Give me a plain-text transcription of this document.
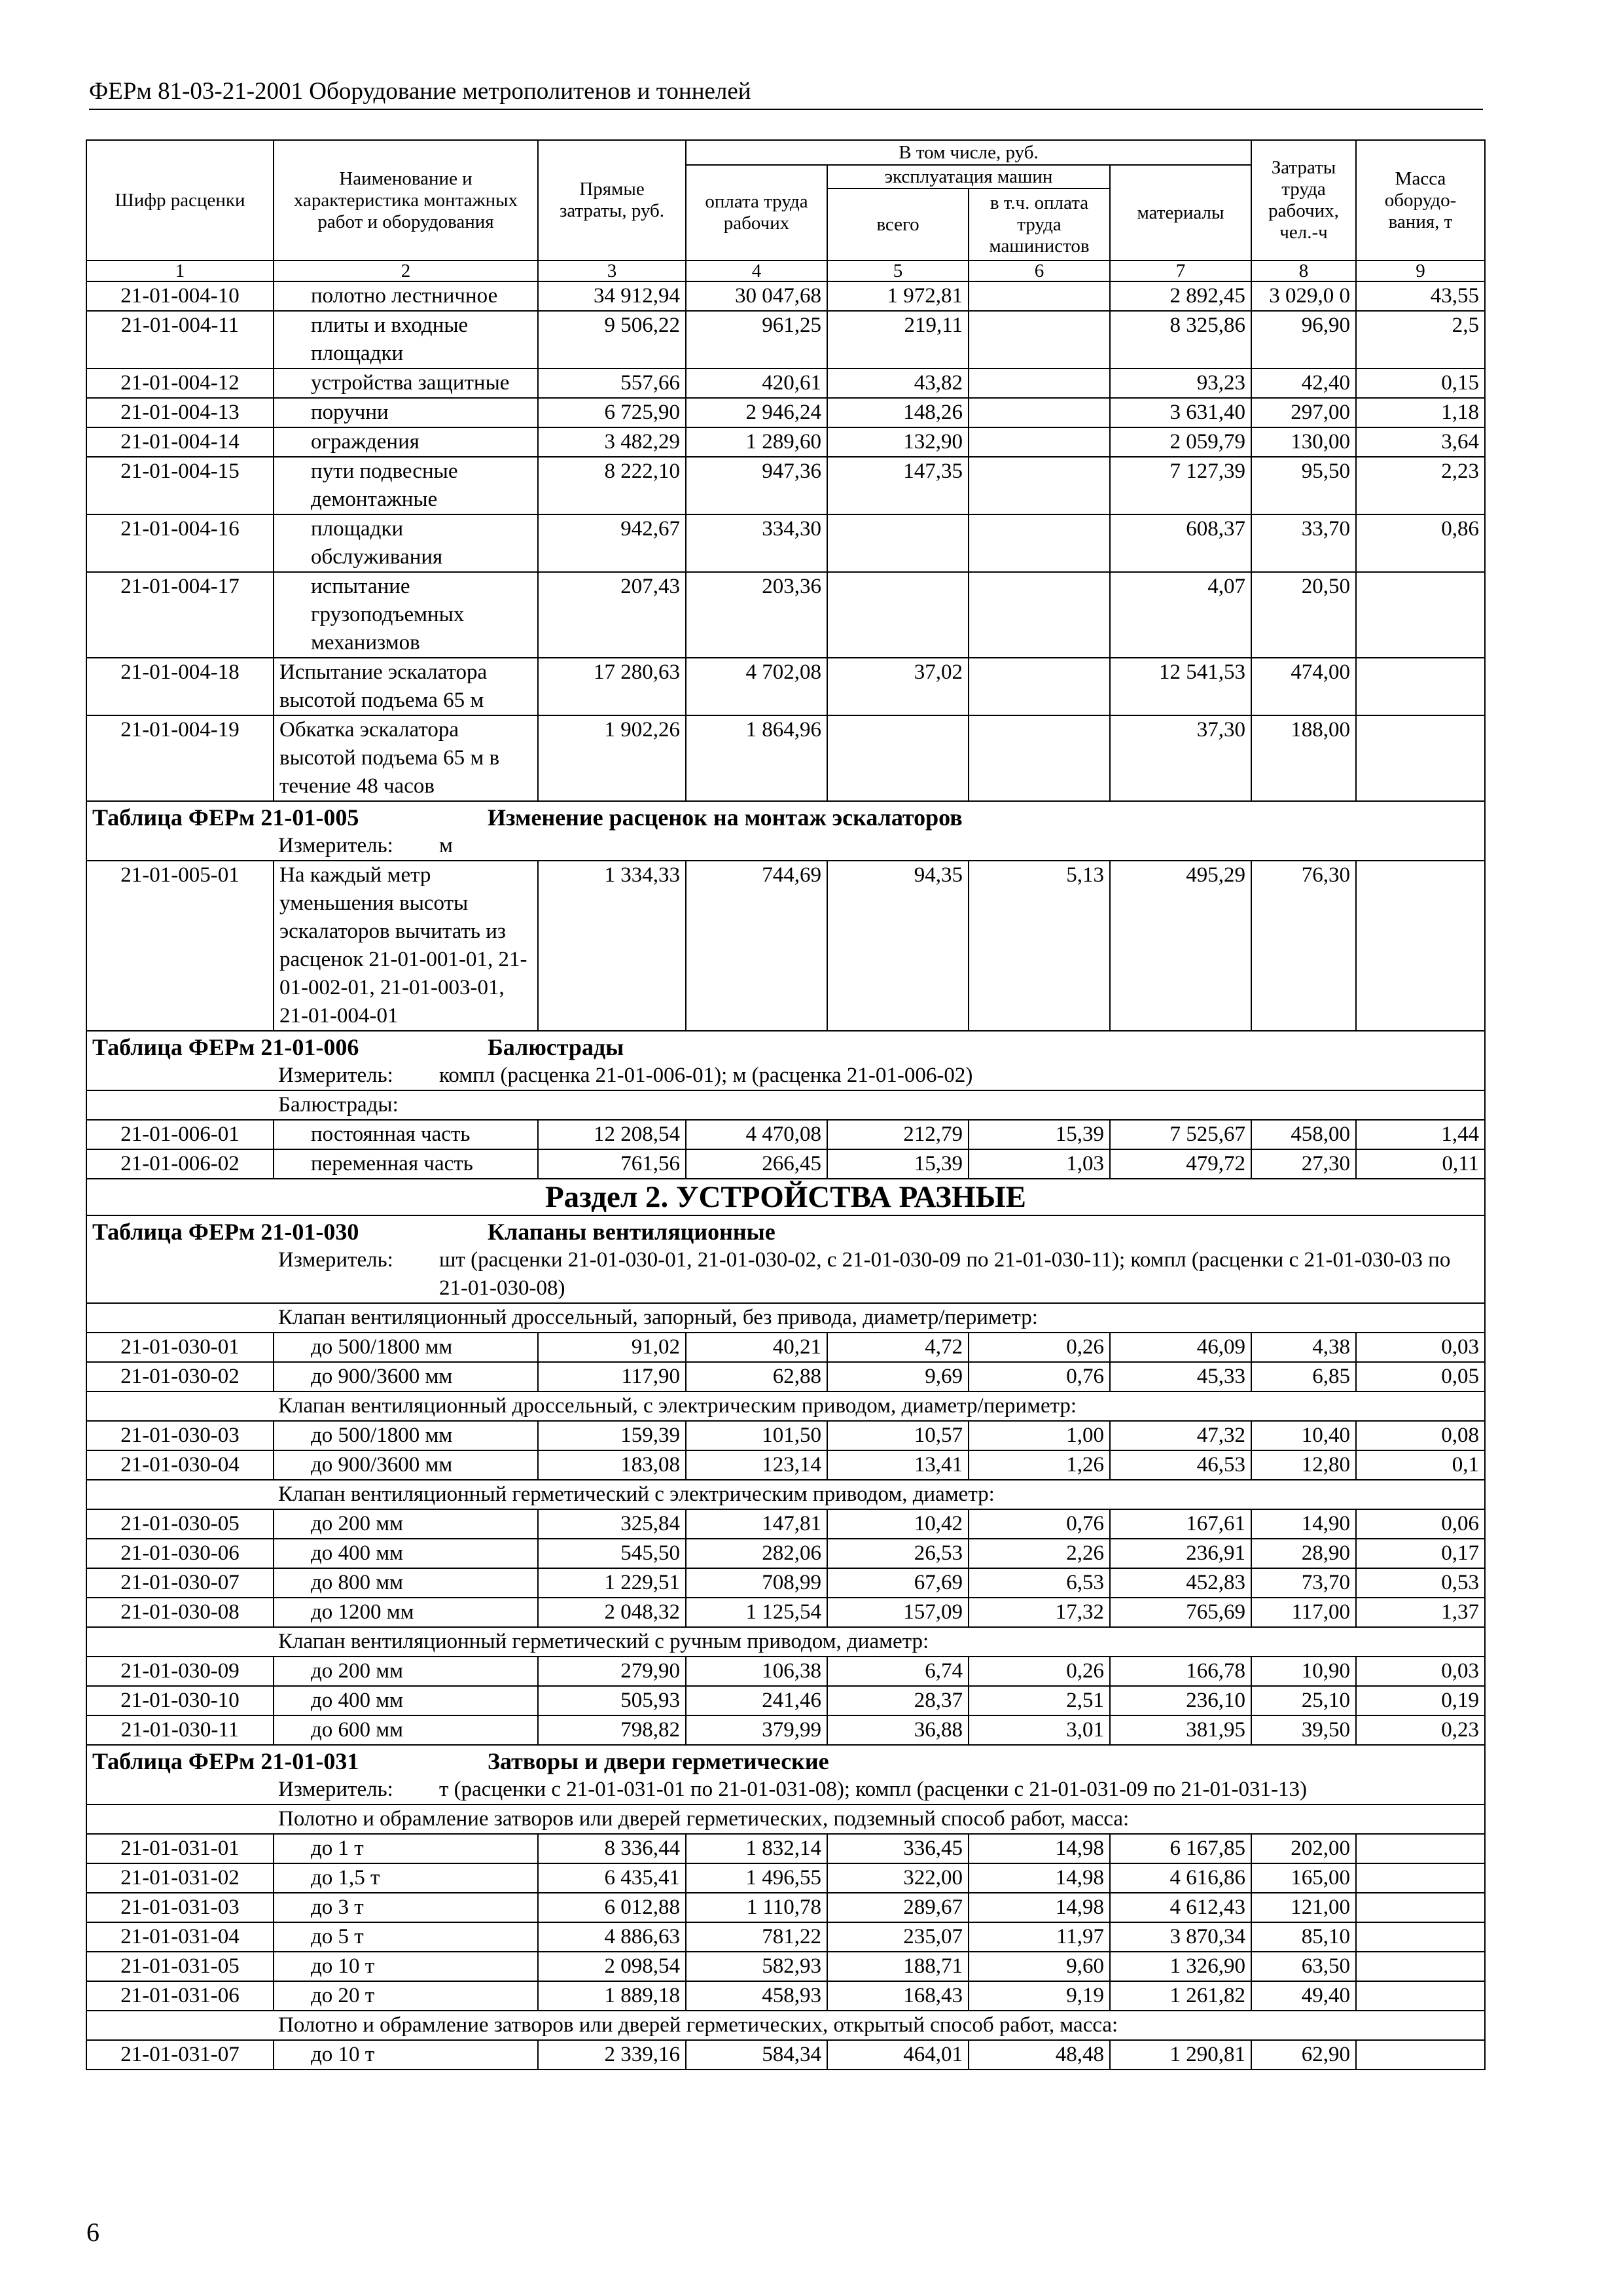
ФЕРм 81-03-21-2001 Оборудование метрополитенов и тоннелей
Шифр расценки	Наименование и характеристика монтажных работ и оборудования	Прямые затраты, руб.	В том числе, руб.				Затраты труда рабочих, чел.-ч	Масса оборудо-вания, т
			оплата труда рабочих	эксплуатация машин		материалы		
				всего	в т.ч. оплата труда машинистов			
1	2	3	4	5	6	7	8	9
21-01-004-10	полотно лестничное	34 912,94	30 047,68	1 972,81		2 892,45	3 029,0 0	43,55
21-01-004-11	плиты и входные площадки	9 506,22	961,25	219,11		8 325,86	96,90	2,5
21-01-004-12	устройства защитные	557,66	420,61	43,82		93,23	42,40	0,15
21-01-004-13	поручни	6 725,90	2 946,24	148,26		3 631,40	297,00	1,18
21-01-004-14	ограждения	3 482,29	1 289,60	132,90		2 059,79	130,00	3,64
21-01-004-15	пути подвесные демонтажные	8 222,10	947,36	147,35		7 127,39	95,50	2,23
21-01-004-16	площадки обслуживания	942,67	334,30			608,37	33,70	0,86
21-01-004-17	испытание грузоподъемных механизмов	207,43	203,36			4,07	20,50	
21-01-004-18	Испытание эскалатора высотой подъема 65 м	17 280,63	4 702,08	37,02		12 541,53	474,00	
21-01-004-19	Обкатка эскалатора высотой подъема 65 м в течение 48 часов	1 902,26	1 864,96			37,30	188,00	
Таблица ФЕРм 21-01-005 Изменение расценок на монтаж эскалаторов								
Измеритель: м								
21-01-005-01	На каждый метр уменьшения высоты эскалаторов вычитать из расценок 21-01-001-01, 21-01-002-01, 21-01-003-01, 21-01-004-01	1 334,33	744,69	94,35	5,13	495,29	76,30	
Таблица ФЕРм 21-01-006 Балюстрады								
Измеритель: компл (расценка 21-01-006-01); м (расценка 21-01-006-02)								
Балюстрады:								
21-01-006-01	постоянная часть	12 208,54	4 470,08	212,79	15,39	7 525,67	458,00	1,44
21-01-006-02	переменная часть	761,56	266,45	15,39	1,03	479,72	27,30	0,11
Раздел 2. УСТРОЙСТВА РАЗНЫЕ								
Таблица ФЕРм 21-01-030 Клапаны вентиляционные								
Измеритель: шт (расценки 21-01-030-01, 21-01-030-02, с 21-01-030-09 по 21-01-030-11); компл (расценки с 21-01-030-03 по 21-01-030-08)								
Клапан вентиляционный дроссельный, запорный, без привода, диаметр/периметр:								
21-01-030-01	до 500/1800 мм	91,02	40,21	4,72	0,26	46,09	4,38	0,03
21-01-030-02	до 900/3600 мм	117,90	62,88	9,69	0,76	45,33	6,85	0,05
Клапан вентиляционный дроссельный, с электрическим приводом, диаметр/периметр:								
21-01-030-03	до 500/1800 мм	159,39	101,50	10,57	1,00	47,32	10,40	0,08
21-01-030-04	до 900/3600 мм	183,08	123,14	13,41	1,26	46,53	12,80	0,1
Клапан вентиляционный герметический с электрическим приводом, диаметр:								
21-01-030-05	до 200 мм	325,84	147,81	10,42	0,76	167,61	14,90	0,06
21-01-030-06	до 400 мм	545,50	282,06	26,53	2,26	236,91	28,90	0,17
21-01-030-07	до 800 мм	1 229,51	708,99	67,69	6,53	452,83	73,70	0,53
21-01-030-08	до 1200 мм	2 048,32	1 125,54	157,09	17,32	765,69	117,00	1,37
Клапан вентиляционный герметический с ручным приводом, диаметр:								
21-01-030-09	до 200 мм	279,90	106,38	6,74	0,26	166,78	10,90	0,03
21-01-030-10	до 400 мм	505,93	241,46	28,37	2,51	236,10	25,10	0,19
21-01-030-11	до 600 мм	798,82	379,99	36,88	3,01	381,95	39,50	0,23
Таблица ФЕРм 21-01-031 Затворы и двери герметические								
Измеритель: т (расценки с 21-01-031-01 по 21-01-031-08); компл (расценки с 21-01-031-09 по 21-01-031-13)								
Полотно и обрамление затворов или дверей герметических, подземный способ работ, масса:								
21-01-031-01	до 1 т	8 336,44	1 832,14	336,45	14,98	6 167,85	202,00	
21-01-031-02	до 1,5 т	6 435,41	1 496,55	322,00	14,98	4 616,86	165,00	
21-01-031-03	до 3 т	6 012,88	1 110,78	289,67	14,98	4 612,43	121,00	
21-01-031-04	до 5 т	4 886,63	781,22	235,07	11,97	3 870,34	85,10	
21-01-031-05	до 10 т	2 098,54	582,93	188,71	9,60	1 326,90	63,50	
21-01-031-06	до 20 т	1 889,18	458,93	168,43	9,19	1 261,82	49,40	
Полотно и обрамление затворов или дверей герметических, открытый способ работ, масса:								
21-01-031-07	до 10 т	2 339,16	584,34	464,01	48,48	1 290,81	62,90	
6
